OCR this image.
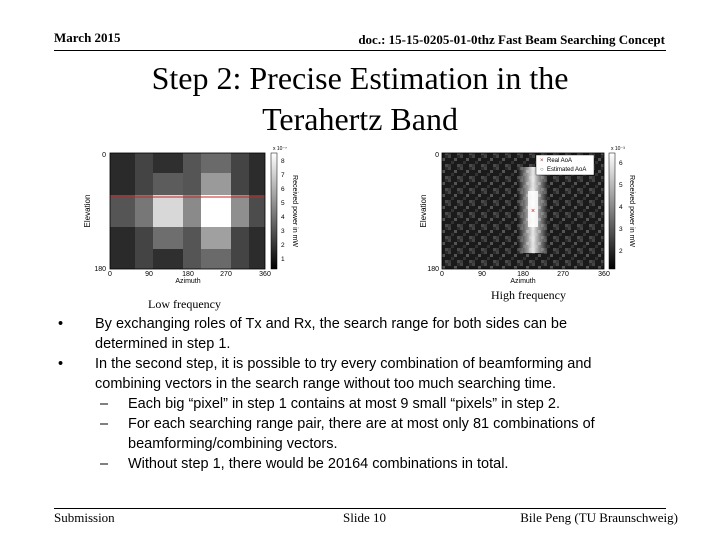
March 2015	doc.: 15-15-0205-01-0thz Fast Beam Searching Concept
Step 2: Precise Estimation in the
Terahertz Band
Elevation
0
180
0	90	180	270	360
Azimuth
x 10⁻⁷
8
7
6
5
4
3
2
1
Received power in mW
Low frequency
×
× Real AoA
○ Estimated AoA
Elevation
0
180
0	90	180	270	360
Azimuth
x 10⁻³
6
5
4
3
2
Received power in mW
High frequency
• By exchanging roles of Tx and Rx, the search range for both sides can be
determined in step 1.
• In the second step, it is possible to try every combination of beamforming and
combining vectors in the search range without too much searching time.
– Each big “pixel” in step 1 contains at most 9 small “pixels” in step 2.
– For each searching range pair, there are at most only 81 combinations of
beamforming/combining vectors.
– Without step 1, there would be 20164 combinations in total.
Submission	Slide 10	Bile Peng (TU Braunschweig)
